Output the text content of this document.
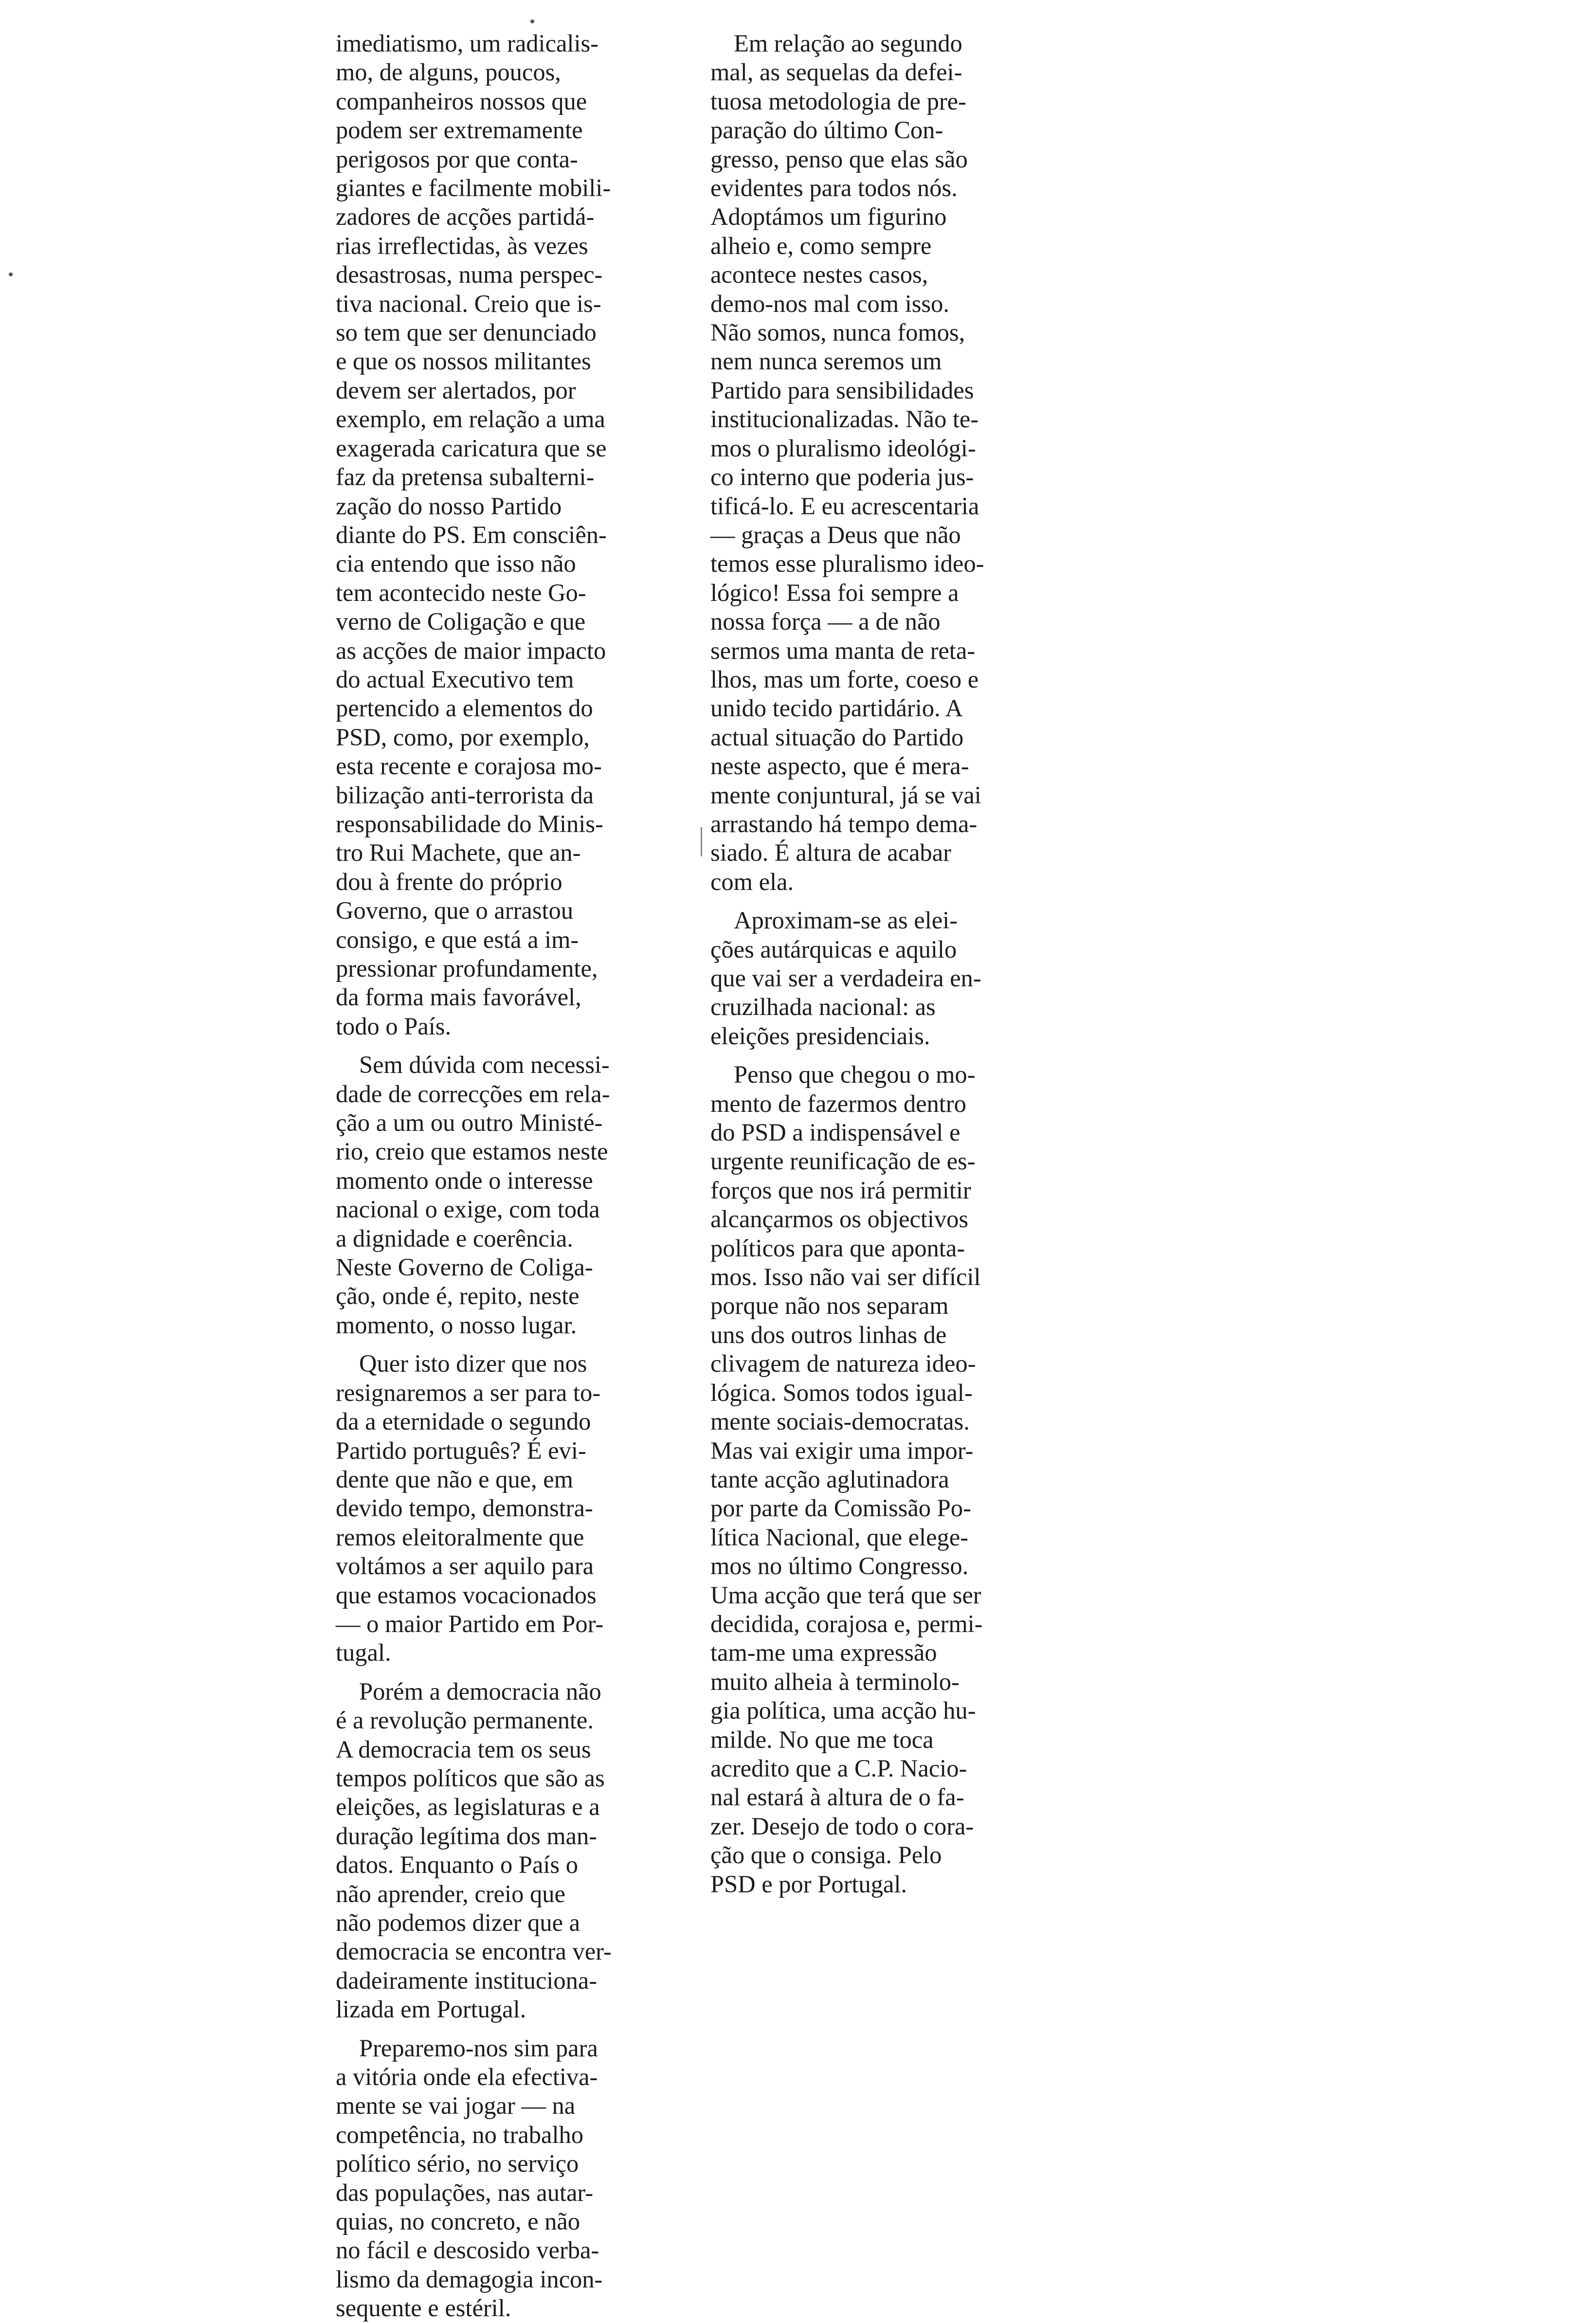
imediatismo, um radicalis-
mo, de alguns, poucos,
companheiros nossos que
podem ser extremamente
perigosos por que conta-
giantes e facilmente mobili-
zadores de acções partidá-
rias irreflectidas, às vezes
desastrosas, numa perspec-
tiva nacional. Creio que is-
so tem que ser denunciado
e que os nossos militantes
devem ser alertados, por
exemplo, em relação a uma
exagerada caricatura que se
faz da pretensa subalterni-
zação do nosso Partido
diante do PS. Em consciên-
cia entendo que isso não
tem acontecido neste Go-
verno de Coligação e que
as acções de maior impacto
do actual Executivo tem
pertencido a elementos do
PSD, como, por exemplo,
esta recente e corajosa mo-
bilização anti-terrorista da
responsabilidade do Minis-
tro Rui Machete, que an-
dou à frente do próprio
Governo, que o arrastou
consigo, e que está a im-
pressionar profundamente,
da forma mais favorável,
todo o País.
Sem dúvida com necessi-
dade de correcções em rela-
ção a um ou outro Ministé-
rio, creio que estamos neste
momento onde o interesse
nacional o exige, com toda
a dignidade e coerência.
Neste Governo de Coliga-
ção, onde é, repito, neste
momento, o nosso lugar.
Quer isto dizer que nos
resignaremos a ser para to-
da a eternidade o segundo
Partido português? É evi-
dente que não e que, em
devido tempo, demonstra-
remos eleitoralmente que
voltámos a ser aquilo para
que estamos vocacionados
— o maior Partido em Por-
tugal.
Porém a democracia não
é a revolução permanente.
A democracia tem os seus
tempos políticos que são as
eleições, as legislaturas e a
duração legítima dos man-
datos. Enquanto o País o
não aprender, creio que
não podemos dizer que a
democracia se encontra ver-
dadeiramente instituciona-
lizada em Portugal.
Preparemo-nos sim para
a vitória onde ela efectiva-
mente se vai jogar — na
competência, no trabalho
político sério, no serviço
das populações, nas autar-
quias, no concreto, e não
no fácil e descosido verba-
lismo da demagogia incon-
sequente e estéril.
Em relação ao segundo
mal, as sequelas da defei-
tuosa metodologia de pre-
paração do último Con-
gresso, penso que elas são
evidentes para todos nós.
Adoptámos um figurino
alheio e, como sempre
acontece nestes casos,
demo-nos mal com isso.
Não somos, nunca fomos,
nem nunca seremos um
Partido para sensibilidades
institucionalizadas. Não te-
mos o pluralismo ideológi-
co interno que poderia jus-
tificá-lo. E eu acrescentaria
— graças a Deus que não
temos esse pluralismo ideo-
lógico! Essa foi sempre a
nossa força — a de não
sermos uma manta de reta-
lhos, mas um forte, coeso e
unido tecido partidário. A
actual situação do Partido
neste aspecto, que é mera-
mente conjuntural, já se vai
arrastando há tempo dema-
siado. É altura de acabar
com ela.
Aproximam-se as elei-
ções autárquicas e aquilo
que vai ser a verdadeira en-
cruzilhada nacional: as
eleições presidenciais.
Penso que chegou o mo-
mento de fazermos dentro
do PSD a indispensável e
urgente reunificação de es-
forços que nos irá permitir
alcançarmos os objectivos
políticos para que aponta-
mos. Isso não vai ser difícil
porque não nos separam
uns dos outros linhas de
clivagem de natureza ideo-
lógica. Somos todos igual-
mente sociais-democratas.
Mas vai exigir uma impor-
tante acção aglutinadora
por parte da Comissão Po-
lítica Nacional, que elege-
mos no último Congresso.
Uma acção que terá que ser
decidida, corajosa e, permi-
tam-me uma expressão
muito alheia à terminolo-
gia política, uma acção hu-
milde. No que me toca
acredito que a C.P. Nacio-
nal estará à altura de o fa-
zer. Desejo de todo o cora-
ção que o consiga. Pelo
PSD e por Portugal.
